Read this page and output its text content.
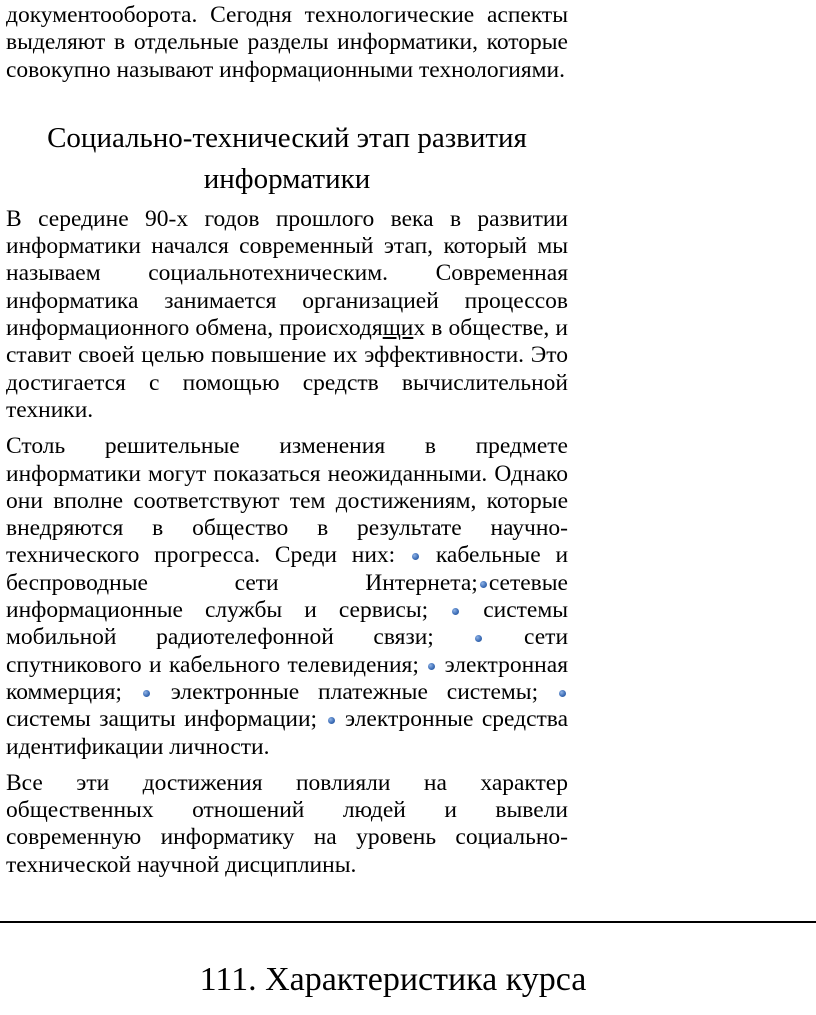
документооборота. Сегодня технологические аспекты выделяют в отдельные разделы информатики, которые совокупно называют информационными технологиями.

Социально-технический этап развития информатики

В середине 90-х годов прошлого века в развитии информатики начался современный этап, который мы называем социальнотехническим. Современная информатика занимается организацией процессов информационного обмена, происходящих в обществе, и ставит своей целью повышение их эффективности. Это достигается с помощью средств вычислительной техники.

Столь решительные изменения в предмете информатики могут показаться неожиданными. Однако они вполне соответствуют тем достижениям, которые внедряются в общество в результате научно-технического прогресса. Среди них: кабельные и беспроводные сети Интернета; сетевые информационные службы и сервисы; системы мобильной радиотелефонной связи;	сети спутникового и кабельного телевидения; электронная коммерция; электронные платежные системы;  системы защиты информации; электронные средства идентификации личности.

Все эти достижения повлияли на характер общественных отношений людей и вывели современную информатику на уровень социально-технической научной дисциплины.

111. Характеристика курса
